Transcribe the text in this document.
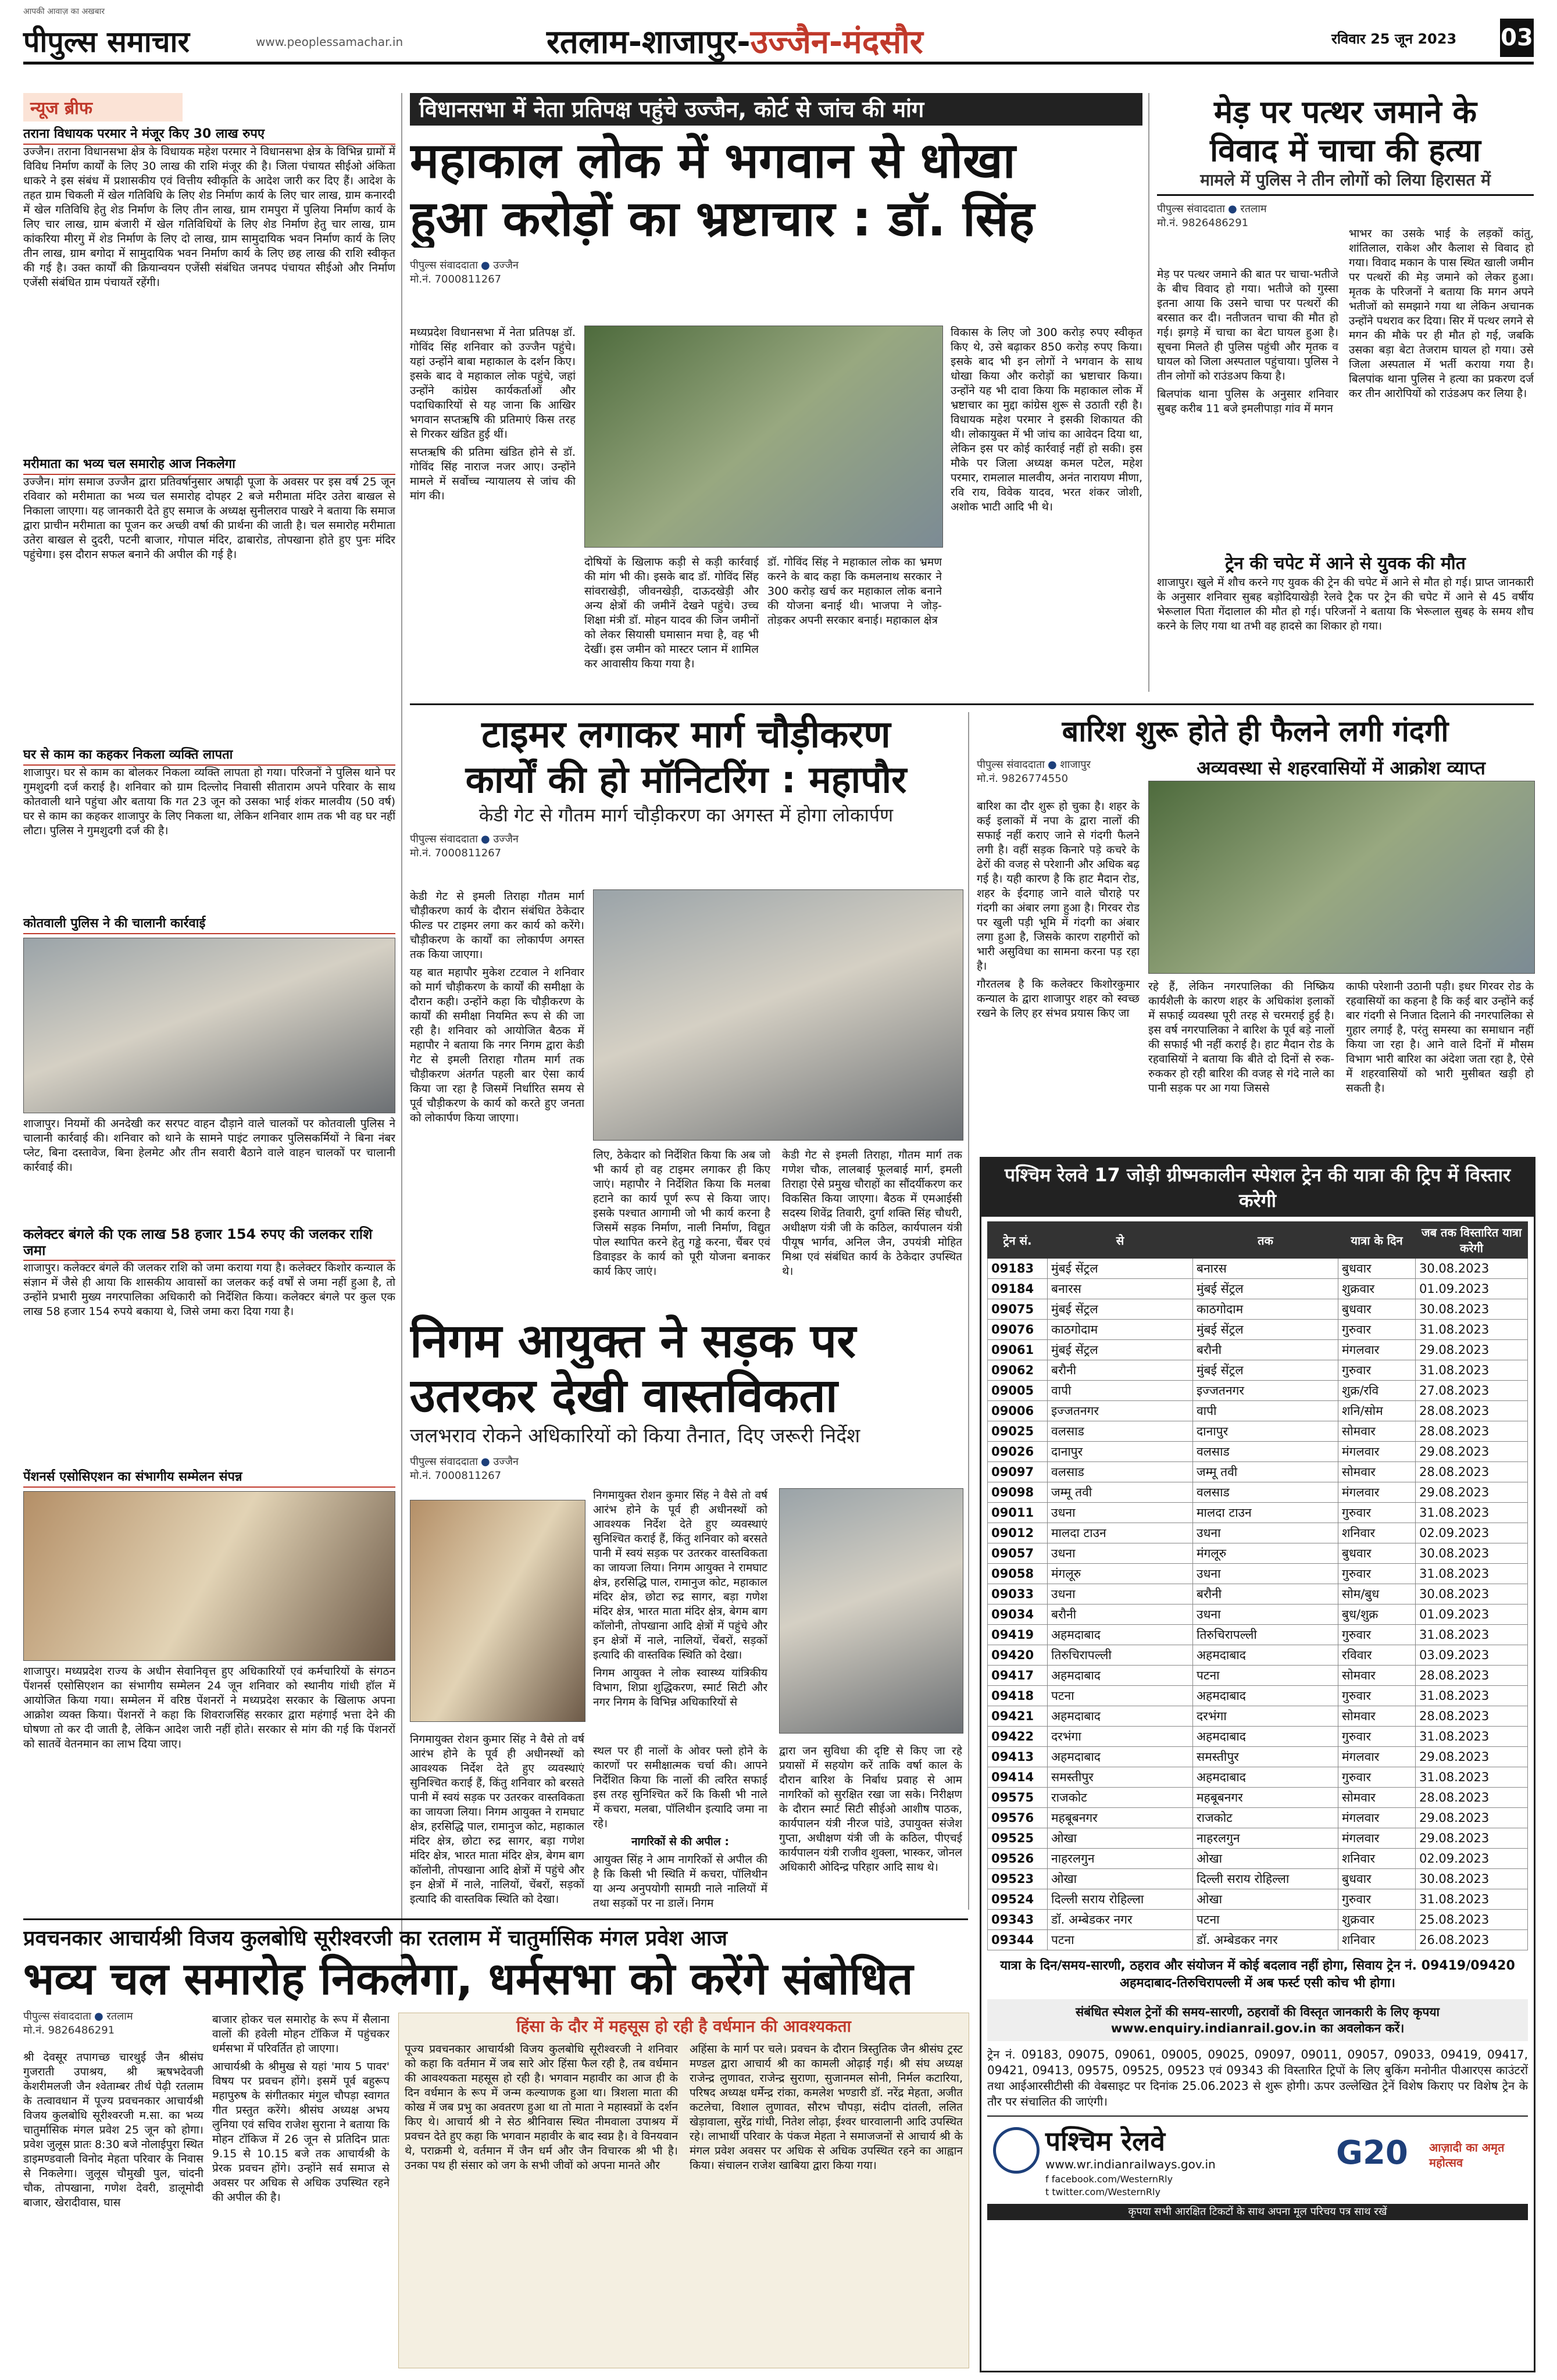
पीपुल्स समाचार
आपकी आवाज़ का अखबार
www.peoplessamachar.in	रतलाम-शाजापुर-उज्जैन-मंदसौर	रविवार 25 जून 2023 03
न्यूज ब्रीफ
तराना विधायक परमार ने मंजूर किए 30 लाख रुपए
उज्जैन। तराना विधानसभा क्षेत्र के विधायक महेश परमार ने विधानसभा क्षेत्र के विभिन्न ग्रामों में विविध निर्माण कार्यों के लिए 30 लाख की राशि मंजूर की है। जिला पंचायत सीईओ अंकिता धाकरे ने इस संबंध में प्रशासकीय एवं वित्तीय स्वीकृति के आदेश जारी कर दिए हैं। आदेश के तहत ग्राम चिकली में खेल गतिविधि के लिए शेड निर्माण कार्य के लिए चार लाख, ग्राम कनारदी में खेल गतिविधि हेतु शेड निर्माण के लिए तीन लाख, ग्राम रामपुरा में पुलिया निर्माण कार्य के लिए चार लाख, ग्राम बंजारी में खेल गतिविधियों के लिए शेड निर्माण हेतु चार लाख, ग्राम कांकरिया मीरगु में शेड निर्माण के लिए दो लाख, ग्राम सामुदायिक भवन निर्माण कार्य के लिए तीन लाख, ग्राम बगोदा में सामुदायिक भवन निर्माण कार्य के लिए छह लाख की राशि स्वीकृत की गई है। उक्त कार्यों की क्रियान्वयन एजेंसी संबंधित जनपद पंचायत सीईओ और निर्माण एजेंसी संबंधित ग्राम पंचायतें रहेंगी।
मरीमाता का भव्य चल समारोह आज निकलेगा
उज्जैन। मांग समाज उज्जैन द्वारा प्रतिवर्षानुसार अषाढ़ी पूजा के अवसर पर इस वर्ष 25 जून रविवार को मरीमाता का भव्य चल समारोह दोपहर 2 बजे मरीमाता मंदिर उतेरा बाखल से निकाला जाएगा। यह जानकारी देते हुए समाज के अध्यक्ष सुनीलराव पाखरे ने बताया कि समाज द्वारा प्राचीन मरीमाता का पूजन कर अच्छी वर्षा की प्रार्थना की जाती है। चल समारोह मरीमाता उतेरा बाखल से दुदरी, पटनी बाजार, गोपाल मंदिर, ढाबारोड, तोपखाना होते हुए पुनः मंदिर पहुंचेगा। इस दौरान सफल बनाने की अपील की गई है।
घर से काम का कहकर निकला व्यक्ति लापता
शाजापुर। घर से काम का बोलकर निकला व्यक्ति लापता हो गया। परिजनों ने पुलिस थाने पर गुमशुदगी दर्ज कराई है। शनिवार को ग्राम दिल्लोद निवासी सीताराम अपने परिवार के साथ कोतवाली थाने पहुंचा और बताया कि गत 23 जून को उसका भाई शंकर मालवीय (50 वर्ष) घर से काम का कहकर शाजापुर के लिए निकला था, लेकिन शनिवार शाम तक भी वह घर नहीं लौटा। पुलिस ने गुमशुदगी दर्ज की है।
कोतवाली पुलिस ने की चालानी कार्रवाई
शाजापुर। नियमों की अनदेखी कर सरपट वाहन दौड़ाने वाले चालकों पर कोतवाली पुलिस ने चालानी कार्रवाई की। शनिवार को थाने के सामने पाइंट लगाकर पुलिसकर्मियों ने बिना नंबर प्लेट, बिना दस्तावेज, बिना हेलमेट और तीन सवारी बैठाने वाले वाहन चालकों पर चालानी कार्रवाई की।
कलेक्टर बंगले की एक लाख 58 हजार 154 रुपए की जलकर राशि जमा
शाजापुर। कलेक्टर बंगले की जलकर राशि को जमा कराया गया है। कलेक्टर किशोर कन्याल के संज्ञान में जैसे ही आया कि शासकीय आवासों का जलकर कई वर्षों से जमा नहीं हुआ है, तो उन्होंने प्रभारी मुख्य नगरपालिका अधिकारी को निर्देशित किया। कलेक्टर बंगले पर कुल एक लाख 58 हजार 154 रुपये बकाया थे, जिसे जमा करा दिया गया है।
पेंशनर्स एसोसिएशन का संभागीय सम्मेलन संपन्न
शाजापुर। मध्यप्रदेश राज्य के अधीन सेवानिवृत्त हुए अधिकारियों एवं कर्मचारियों के संगठन पेंशनर्स एसोसिएशन का संभागीय सम्मेलन 24 जून शनिवार को स्थानीय गांधी हॉल में आयोजित किया गया। सम्मेलन में वरिष्ठ पेंशनरों ने मध्यप्रदेश सरकार के खिलाफ अपना आक्रोश व्यक्त किया। पेंशनरों ने कहा कि शिवराजसिंह सरकार द्वारा महंगाई भत्ता देने की घोषणा तो कर दी जाती है, लेकिन आदेश जारी नहीं होते। सरकार से मांग की गई कि पेंशनरों को सातवें वेतनमान का लाभ दिया जाए।
विधानसभा में नेता प्रतिपक्ष पहुंचे उज्जैन, कोर्ट से जांच की मांग
महाकाल लोक में भगवान से धोखा
हुआ करोड़ों का भ्रष्टाचार : डॉ. सिंह
पीपुल्स संवाददाता ● उज्जैन
मो.नं. 7000811267

मध्यप्रदेश विधानसभा में नेता प्रतिपक्ष डॉ. गोविंद सिंह शनिवार को उज्जैन पहुंचे। यहां उन्होंने बाबा महाकाल के दर्शन किए। इसके बाद वे महाकाल लोक पहुंचे, जहां उन्होंने कांग्रेस कार्यकर्ताओं और पदाधिकारियों से यह जाना कि आखिर भगवान सप्तऋषि की प्रतिमाएं किस तरह से गिरकर खंडित हुई थीं।

सप्तऋषि की प्रतिमा खंडित होने से डॉ. गोविंद सिंह नाराज नजर आए। उन्होंने मामले में सर्वोच्च न्यायालय से जांच की मांग की।

दोषियों के खिलाफ कड़ी से कड़ी कार्रवाई की मांग भी की। इसके बाद डॉ. गोविंद सिंह सांवराखेड़ी, जीवनखेड़ी, दाऊदखेड़ी और अन्य क्षेत्रों की जमीनें देखने पहुंचे। उच्च शिक्षा मंत्री डॉ. मोहन यादव की जिन जमीनों को लेकर सियासी घमासान मचा है, वह भी देखीं। इस जमीन को मास्टर प्लान में शामिल कर आवासीय किया गया है।
डॉ. गोविंद सिंह ने महाकाल लोक का भ्रमण करने के बाद कहा कि कमलनाथ सरकार ने 300 करोड़ खर्च कर महाकाल लोक बनाने की योजना बनाई थी। भाजपा ने जोड़-तोड़कर अपनी सरकार बनाई। महाकाल क्षेत्र
विकास के लिए जो 300 करोड़ रुपए स्वीकृत किए थे, उसे बढ़ाकर 850 करोड़ रुपए किया। इसके बाद भी इन लोगों ने भगवान के साथ धोखा किया और करोड़ों का भ्रष्टाचार किया। उन्होंने यह भी दावा किया कि महाकाल लोक में भ्रष्टाचार का मुद्दा कांग्रेस शुरू से उठाती रही है। विधायक महेश परमार ने इसकी शिकायत की थी। लोकायुक्त में भी जांच का आवेदन दिया था, लेकिन इस पर कोई कार्रवाई नहीं हो सकी। इस मौके पर जिला अध्यक्ष कमल पटेल, महेश परमार, रामलाल मालवीय, अनंत नारायण मीणा, रवि राय, विवेक यादव, भरत शंकर जोशी, अशोक भाटी आदि भी थे।
मेड़ पर पत्थर जमाने के
विवाद में चाचा की हत्या
मामले में पुलिस ने तीन लोगों को लिया हिरासत में
पीपुल्स संवाददाता ● रतलाम
मो.नं. 9826486291

मेड़ पर पत्थर जमाने की बात पर चाचा-भतीजे के बीच विवाद हो गया। भतीजे को गुस्सा इतना आया कि उसने चाचा पर पत्थरों की बरसात कर दी। नतीजतन चाचा की मौत हो गई। झगड़े में चाचा का बेटा घायल हुआ है। सूचना मिलते ही पुलिस पहुंची और मृतक व घायल को जिला अस्पताल पहुंचाया। पुलिस ने तीन लोगों को राउंडअप किया है।

बिलपांक थाना पुलिस के अनुसार शनिवार सुबह करीब 11 बजे इमलीपाड़ा गांव में मगन

भाभर का उसके भाई के लड़कों कांतु, शांतिलाल, राकेश और कैलाश से विवाद हो गया। विवाद मकान के पास स्थित खाली जमीन पर पत्थरों की मेड़ जमाने को लेकर हुआ। मृतक के परिजनों ने बताया कि मगन अपने भतीजों को समझाने गया था लेकिन अचानक उन्होंने पथराव कर दिया। सिर में पत्थर लगने से मगन की मौके पर ही मौत हो गई, जबकि उसका बड़ा बेटा तेजराम घायल हो गया। उसे जिला अस्पताल में भर्ती कराया गया है। बिलपांक थाना पुलिस ने हत्या का प्रकरण दर्ज कर तीन आरोपियों को राउंडअप कर लिया है।
ट्रेन की चपेट में आने से युवक की मौत
शाजापुर। खुले में शौच करने गए युवक की ट्रेन की चपेट में आने से मौत हो गई। प्राप्त जानकारी के अनुसार शनिवार सुबह बड़ोदियाखेड़ी रेलवे ट्रैक पर ट्रेन की चपेट में आने से 45 वर्षीय भेरूलाल पिता गेंदालाल की मौत हो गई। परिजनों ने बताया कि भेरूलाल सुबह के समय शौच करने के लिए गया था तभी वह हादसे का शिकार हो गया।
टाइमर लगाकर मार्ग चौड़ीकरण
कार्यों की हो मॉनिटरिंग : महापौर
केडी गेट से गौतम मार्ग चौड़ीकरण का अगस्त में होगा लोकार्पण
पीपुल्स संवाददाता ● उज्जैन
मो.नं. 7000811267

केडी गेट से इमली तिराहा गौतम मार्ग चौड़ीकरण कार्य के दौरान संबंधित ठेकेदार फील्ड पर टाइमर लगा कर कार्य को करेंगे। चौड़ीकरण के कार्यों का लोकार्पण अगस्त तक किया जाएगा।

यह बात महापौर मुकेश टटवाल ने शनिवार को मार्ग चौड़ीकरण के कार्यों की समीक्षा के दौरान कही। उन्होंने कहा कि चौड़ीकरण के कार्यों की समीक्षा नियमित रूप से की जा रही है। शनिवार को आयोजित बैठक में महापौर ने बताया कि नगर निगम द्वारा केडी गेट से इमली तिराहा गौतम मार्ग तक चौड़ीकरण अंतर्गत पहली बार ऐसा कार्य किया जा रहा है जिसमें निर्धारित समय से पूर्व चौड़ीकरण के कार्य को करते हुए जनता को लोकार्पण किया जाएगा।

लिए, ठेकेदार को निर्देशित किया कि अब जो भी कार्य हो वह टाइमर लगाकर ही किए जाएं। महापौर ने निर्देशित किया कि मलबा हटाने का कार्य पूर्ण रूप से किया जाए। इसके पश्चात आगामी जो भी कार्य करना है जिसमें सड़क निर्माण, नाली निर्माण, विद्युत पोल स्थापित करने हेतु गड्ढे करना, चैंबर एवं डिवाइडर के कार्य को पूरी योजना बनाकर कार्य किए जाएं।
केडी गेट से इमली तिराहा, गौतम मार्ग तक गणेश चौक, लालबाई फूलबाई मार्ग, इमली तिराहा ऐसे प्रमुख चौराहों का सौंदर्यीकरण कर विकसित किया जाएगा। बैठक में एमआईसी सदस्य शिवेंद्र तिवारी, दुर्गा शक्ति सिंह चौधरी, अधीक्षण यंत्री जी के कठिल, कार्यपालन यंत्री पीयूष भार्गव, अनिल जैन, उपयंत्री मोहित मिश्रा एवं संबंधित कार्य के ठेकेदार उपस्थित थे।
बारिश शुरू होते ही फैलने लगी गंदगी
पीपुल्स संवाददाता ● शाजापुर
मो.नं. 9826774550	अव्यवस्था से शहरवासियों में आक्रोश व्याप्त

बारिश का दौर शुरू हो चुका है। शहर के कई इलाकों में नपा के द्वारा नालों की सफाई नहीं कराए जाने से गंदगी फैलने लगी है। वहीं सड़क किनारे पड़े कचरे के ढेरों की वजह से परेशानी और अधिक बढ़ गई है। यही कारण है कि हाट मैदान रोड, शहर के ईदगाह जाने वाले चौराहे पर गंदगी का अंबार लगा हुआ है। गिरवर रोड पर खुली पड़ी भूमि में गंदगी का अंबार लगा हुआ है, जिसके कारण राहगीरों को भारी असुविधा का सामना करना पड़ रहा है।

गौरतलब है कि कलेक्टर किशोरकुमार कन्याल के द्वारा शाजापुर शहर को स्वच्छ रखने के लिए हर संभव प्रयास किए जा

रहे हैं, लेकिन नगरपालिका की निष्क्रिय कार्यशैली के कारण शहर के अधिकांश इलाकों में सफाई व्यवस्था पूरी तरह से चरमराई हुई है। इस वर्ष नगरपालिका ने बारिश के पूर्व बड़े नालों की सफाई भी नहीं कराई है। हाट मैदान रोड के रहवासियों ने बताया कि बीते दो दिनों से रुक-रुककर हो रही बारिश की वजह से गंदे नाले का पानी सड़क पर आ गया जिससे
काफी परेशानी उठानी पड़ी। इधर गिरवर रोड के रहवासियों का कहना है कि कई बार उन्होंने कई बार गंदगी से निजात दिलाने की नगरपालिका से गुहार लगाई है, परंतु समस्या का समाधान नहीं किया जा रहा है। आने वाले दिनों में मौसम विभाग भारी बारिश का अंदेशा जता रहा है, ऐसे में शहरवासियों को भारी मुसीबत खड़ी हो सकती है।
पश्चिम रेलवे 17 जोड़ी ग्रीष्मकालीन स्पेशल ट्रेन की यात्रा की ट्रिप में विस्तार करेगी
ट्रेन सं.	से	तक	यात्रा के दिन	जब तक विस्तारित यात्रा करेगी
09183	मुंबई सेंट्रल	बनारस	बुधवार	30.08.2023
09184	बनारस	मुंबई सेंट्रल	शुक्रवार	01.09.2023
09075	मुंबई सेंट्रल	काठगोदाम	बुधवार	30.08.2023
09076	काठगोदाम	मुंबई सेंट्रल	गुरुवार	31.08.2023
09061	मुंबई सेंट्रल	बरौनी	मंगलवार	29.08.2023
09062	बरौनी	मुंबई सेंट्रल	गुरुवार	31.08.2023
09005	वापी	इज्जतनगर	शुक्र/रवि	27.08.2023
09006	इज्जतनगर	वापी	शनि/सोम	28.08.2023
09025	वलसाड	दानापुर	सोमवार	28.08.2023
09026	दानापुर	वलसाड	मंगलवार	29.08.2023
09097	वलसाड	जम्मू तवी	सोमवार	28.08.2023
09098	जम्मू तवी	वलसाड	मंगलवार	29.08.2023
09011	उधना	मालदा टाउन	गुरुवार	31.08.2023
09012	मालदा टाउन	उधना	शनिवार	02.09.2023
09057	उधना	मंगलूरु	बुधवार	30.08.2023
09058	मंगलूरु	उधना	गुरुवार	31.08.2023
09033	उधना	बरौनी	सोम/बुध	30.08.2023
09034	बरौनी	उधना	बुध/शुक्र	01.09.2023
09419	अहमदाबाद	तिरुचिरापल्ली	गुरुवार	31.08.2023
09420	तिरुचिरापल्ली	अहमदाबाद	रविवार	03.09.2023
09417	अहमदाबाद	पटना	सोमवार	28.08.2023
09418	पटना	अहमदाबाद	गुरुवार	31.08.2023
09421	अहमदाबाद	दरभंगा	सोमवार	28.08.2023
09422	दरभंगा	अहमदाबाद	गुरुवार	31.08.2023
09413	अहमदाबाद	समस्तीपुर	मंगलवार	29.08.2023
09414	समस्तीपुर	अहमदाबाद	गुरुवार	31.08.2023
09575	राजकोट	महबूबनगर	सोमवार	28.08.2023
09576	महबूबनगर	राजकोट	मंगलवार	29.08.2023
09525	ओखा	नाहरलगुन	मंगलवार	29.08.2023
09526	नाहरलगुन	ओखा	शनिवार	02.09.2023
09523	ओखा	दिल्ली सराय रोहिल्ला	बुधवार	30.08.2023
09524	दिल्ली सराय रोहिल्ला	ओखा	गुरुवार	31.08.2023
09343	डॉ. अम्बेडकर नगर	पटना	शुक्रवार	25.08.2023
09344	पटना	डॉ. अम्बेडकर नगर	शनिवार	26.08.2023
यात्रा के दिन/समय-सारणी, ठहराव और संयोजन में कोई बदलाव नहीं होगा, सिवाय ट्रेन नं. 09419/09420 अहमदाबाद-तिरुचिरापल्ली में अब फर्स्ट एसी कोच भी होगा।
संबंधित स्पेशल ट्रेनों की समय-सारणी, ठहरावों की विस्तृत जानकारी के लिए कृपया www.enquiry.indianrail.gov.in का अवलोकन करें।
ट्रेन नं. 09183, 09075, 09061, 09005, 09025, 09097, 09011, 09057, 09033, 09419, 09417, 09421, 09413, 09575, 09525, 09523 एवं 09343 की विस्तारित ट्रिपों के लिए बुकिंग मनोनीत पीआरएस काउंटरों तथा आईआरसीटीसी की वेबसाइट पर दिनांक 25.06.2023 से शुरू होगी। ऊपर उल्लेखित ट्रेनें विशेष किराए पर विशेष ट्रेन के तौर पर संचालित की जाएंगी।
पश्चिम रेलवे
www.wr.indianrailways.gov.in
f facebook.com/WesternRly
t twitter.com/WesternRly
G20 आज़ादी का अमृत महोत्सव
कृपया सभी आरक्षित टिकटों के साथ अपना मूल परिचय पत्र साथ रखें
निगम आयुक्त ने सड़क पर
उतरकर देखी वास्तविकता
जलभराव रोकने अधिकारियों को किया तैनात, दिए जरूरी निर्देश
पीपुल्स संवाददाता ● उज्जैन
मो.नं. 7000811267

निगमायुक्त रोशन कुमार सिंह ने वैसे तो वर्ष आरंभ होने के पूर्व ही अधीनस्थों को आवश्यक निर्देश देते हुए व्यवस्थाएं सुनिश्चित कराई हैं, किंतु शनिवार को बरसते पानी में स्वयं सड़क पर उतरकर वास्तविकता का जायजा लिया। निगम आयुक्त ने रामघाट क्षेत्र, हरसिद्धि पाल, रामानुज कोट, महाकाल मंदिर क्षेत्र, छोटा रुद्र सागर, बड़ा गणेश मंदिर क्षेत्र, भारत माता मंदिर क्षेत्र, बेगम बाग कॉलोनी, तोपखाना आदि क्षेत्रों में पहुंचे और इन क्षेत्रों में नाले, नालियों, चेंबरों, सड़कों इत्यादि की वास्तविक स्थिति को देखा।

निगम आयुक्त ने लोक स्वास्थ्य यांत्रिकीय विभाग, शिप्रा शुद्धिकरण, स्मार्ट सिटी और नगर निगम के विभिन्न अधिकारियों से

स्थल पर ही नालों के ओवर फ्लो होने के कारणों पर समीक्षात्मक चर्चा की। आपने निर्देशित किया कि नालों की त्वरित सफाई इस तरह सुनिश्चित करें कि किसी भी नाले में कचरा, मलबा, पॉलिथीन इत्यादि जमा ना रहे।

नागरिकों से की अपील :

आयुक्त सिंह ने आम नागरिकों से अपील की है कि किसी भी स्थिति में कचरा, पॉलिथीन या अन्य अनुपयोगी सामग्री नाले नालियों में तथा सड़कों पर ना डालें। निगम

द्वारा जन सुविधा की दृष्टि से किए जा रहे प्रयासों में सहयोग करें ताकि वर्षा काल के दौरान बारिश के निर्बाध प्रवाह से आम नागरिकों को सुरक्षित रखा जा सके। निरीक्षण के दौरान स्मार्ट सिटी सीईओ आशीष पाठक, कार्यपालन यंत्री नीरज पांडे, उपायुक्त संजेश गुप्ता, अधीक्षण यंत्री जी के कठिल, पीएचई कार्यपालन यंत्री राजीव शुक्ला, भास्कर, जोनल अधिकारी ओदिन्द्र परिहार आदि साथ थे।
निगमायुक्त रोशन कुमार सिंह ने वैसे तो वर्ष आरंभ होने के पूर्व ही अधीनस्थों को आवश्यक निर्देश देते हुए व्यवस्थाएं सुनिश्चित कराई हैं, किंतु शनिवार को बरसते पानी में स्वयं सड़क पर उतरकर वास्तविकता का जायजा लिया। निगम आयुक्त ने रामघाट क्षेत्र, हरसिद्धि पाल, रामानुज कोट, महाकाल मंदिर क्षेत्र, छोटा रुद्र सागर, बड़ा गणेश मंदिर क्षेत्र, भारत माता मंदिर क्षेत्र, बेगम बाग कॉलोनी, तोपखाना आदि क्षेत्रों में पहुंचे और इन क्षेत्रों में नाले, नालियों, चेंबरों, सड़कों इत्यादि की वास्तविक स्थिति को देखा।
प्रवचनकार आचार्यश्री विजय कुलबोधि सूरीश्वरजी का रतलाम में चातुर्मासिक मंगल प्रवेश आज
भव्य चल समारोह निकलेगा, धर्मसभा को करेंगे संबोधित
पीपुल्स संवाददाता ● रतलाम
मो.नं. 9826486291
श्री देवसूर तपागच्छ चारथुई जैन श्रीसंघ गुजराती उपाश्रय, श्री ऋषभदेवजी केशरीमलजी जैन श्वेताम्बर तीर्थ पेढ़ी रतलाम के तत्वावधान में पूज्य प्रवचनकार आचार्यश्री विजय कुलबोधि सूरीश्वरजी म.सा. का भव्य चातुर्मासिक मंगल प्रवेश 25 जून को होगा। प्रवेश जुलूस प्रातः 8:30 बजे नोलाईपुरा स्थित डाइमण्डवाली विनोद मेहता परिवार के निवास से निकलेगा। जुलूस चौमुखी पुल, चांदनी चौक, तोपखाना, गणेश देवरी, डालूमोदी बाजार, खेरादीवास, घास

बाजार होकर चल समारोह के रूप में सैलाना वालों की हवेली मोहन टॉकिज में पहुंचकर धर्मसभा में परिवर्तित हो जाएगा।

आचार्यश्री के श्रीमुख से यहां 'माय 5 पावर' विषय पर प्रवचन होंगे। इसमें पूर्व बहुरूप महापुरुष के संगीतकार मंगुल चौपड़ा स्वागत गीत प्रस्तुत करेंगे। श्रीसंघ अध्यक्ष अभय लुनिया एवं सचिव राजेश सुराना ने बताया कि मोहन टॉकिज में 26 जून से प्रतिदिन प्रातः 9.15 से 10.15 बजे तक आचार्यश्री के प्रेरक प्रवचन होंगे। उन्होंने सर्व समाज से अवसर पर अधिक से अधिक उपस्थित रहने की अपील की है।

हिंसा के दौर में महसूस हो रही है वर्धमान की आवश्यकता
पूज्य प्रवचनकार आचार्यश्री विजय कुलबोधि सूरीश्वरजी ने शनिवार को कहा कि वर्तमान में जब सारे ओर हिंसा फैल रही है, तब वर्धमान की आवश्यकता महसूस हो रही है। भगवान महावीर का आज ही के दिन वर्धमान के रूप में जन्म कल्याणक हुआ था। त्रिशला माता की कोख में जब प्रभु का अवतरण हुआ था तो माता ने महास्वप्नों के दर्शन किए थे। आचार्य श्री ने सेठ श्रीनिवास स्थित नीमवाला उपाश्रय में प्रवचन देते हुए कहा कि भगवान महावीर के बाद स्वप्न है। वे विनयवान थे, पराक्रमी थे, वर्तमान में जैन धर्म और जैन विचारक श्री भी है। उनका पथ ही संसार को जग के सभी जीवों को अपना मानते और
अहिंसा के मार्ग पर चले। प्रवचन के दौरान त्रिस्तुतिक जैन श्रीसंघ ट्रस्ट मण्डल द्वारा आचार्य श्री का कामली ओढ़ाई गई। श्री संघ अध्यक्ष राजेन्द्र लुणावत, राजेन्द्र सुराणा, सुजानमल सोनी, निर्मल कटारिया, परिषद अध्यक्ष धर्मेन्द्र रांका, कमलेश भण्डारी डॉ. नरेंद्र मेहता, अजीत कटलेचा, विशाल लुणावत, सौरभ चौपड़ा, संदीप दांतली, ललित खेड़ावाला, सुरेंद्र गांधी, नितेश लोढ़ा, ईश्वर धारवालानी आदि उपस्थित रहे। लाभार्थी परिवार के पंकज मेहता ने समाजजनों से आचार्य श्री के मंगल प्रवेश अवसर पर अधिक से अधिक उपस्थित रहने का आह्वान किया। संचालन राजेश खाबिया द्वारा किया गया।
